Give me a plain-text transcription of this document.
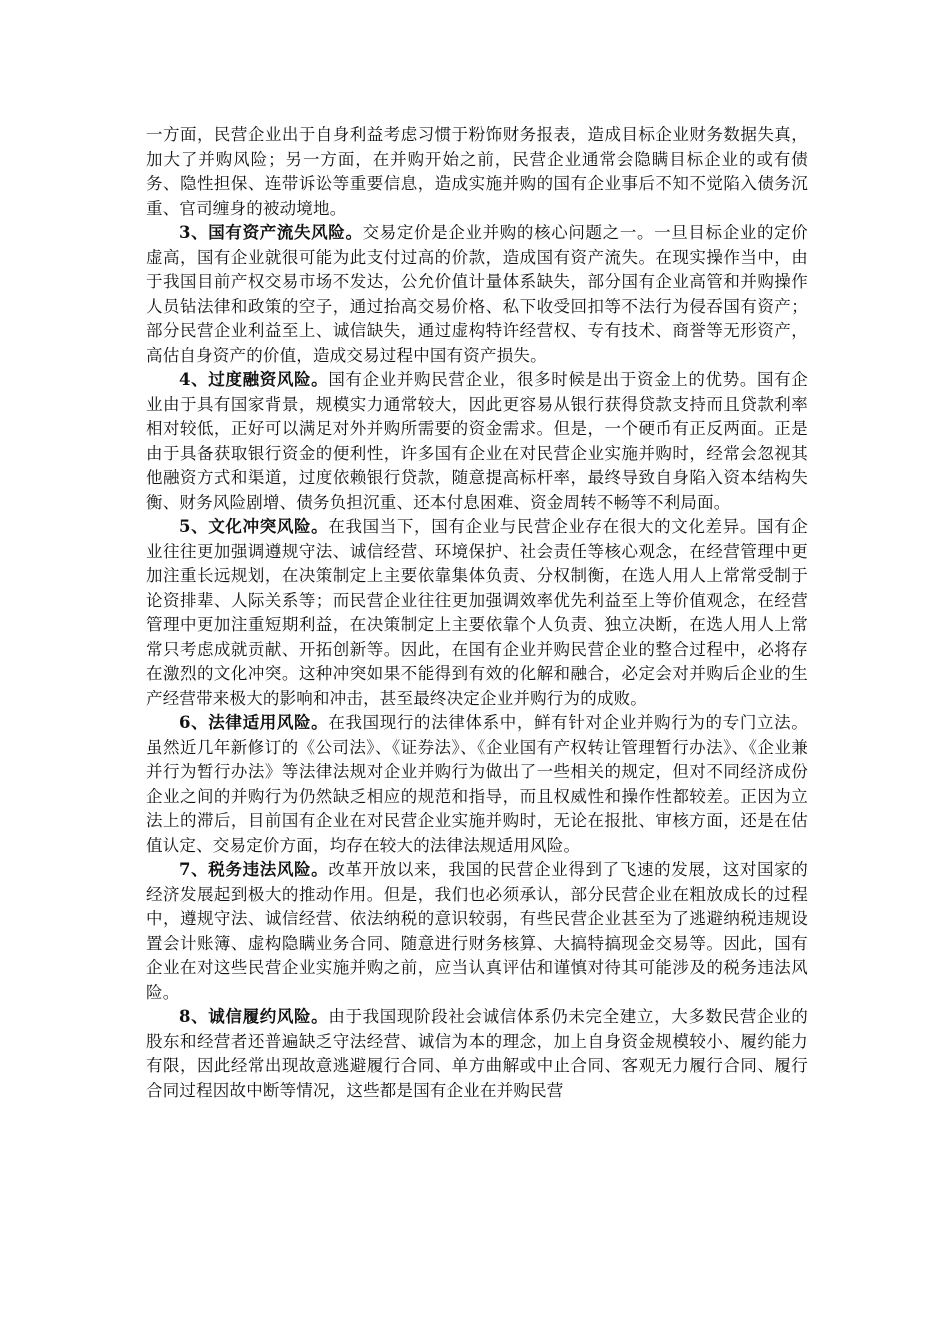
一方面，民营企业出于自身利益考虑习惯于粉饰财务报表，造成目标企业财务数据失真，加大了并购风险；另一方面，在并购开始之前，民营企业通常会隐瞒目标企业的或有债务、隐性担保、连带诉讼等重要信息，造成实施并购的国有企业事后不知不觉陷入债务沉重、官司缠身的被动境地。

3、国有资产流失风险。交易定价是企业并购的核心问题之一。一旦目标企业的定价虚高，国有企业就很可能为此支付过高的价款，造成国有资产流失。在现实操作当中，由于我国目前产权交易市场不发达，公允价值计量体系缺失，部分国有企业高管和并购操作人员钻法律和政策的空子，通过抬高交易价格、私下收受回扣等不法行为侵吞国有资产；部分民营企业利益至上、诚信缺失，通过虚构特许经营权、专有技术、商誉等无形资产，高估自身资产的价值，造成交易过程中国有资产损失。

4、过度融资风险。国有企业并购民营企业，很多时候是出于资金上的优势。国有企业由于具有国家背景，规模实力通常较大，因此更容易从银行获得贷款支持而且贷款利率相对较低，正好可以满足对外并购所需要的资金需求。但是，一个硬币有正反两面。正是由于具备获取银行资金的便利性，许多国有企业在对民营企业实施并购时，经常会忽视其他融资方式和渠道，过度依赖银行贷款，随意提高标杆率，最终导致自身陷入资本结构失衡、财务风险剧增、债务负担沉重、还本付息困难、资金周转不畅等不利局面。

5、文化冲突风险。在我国当下，国有企业与民营企业存在很大的文化差异。国有企业往往更加强调遵规守法、诚信经营、环境保护、社会责任等核心观念，在经营管理中更加注重长远规划，在决策制定上主要依靠集体负责、分权制衡，在选人用人上常常受制于论资排辈、人际关系等；而民营企业往往更加强调效率优先利益至上等价值观念，在经营管理中更加注重短期利益，在决策制定上主要依靠个人负责、独立决断，在选人用人上常常只考虑成就贡献、开拓创新等。因此，在国有企业并购民营企业的整合过程中，必将存在激烈的文化冲突。这种冲突如果不能得到有效的化解和融合，必定会对并购后企业的生产经营带来极大的影响和冲击，甚至最终决定企业并购行为的成败。

6、法律适用风险。在我国现行的法律体系中，鲜有针对企业并购行为的专门立法。虽然近几年新修订的《公司法》、《证券法》、《企业国有产权转让管理暂行办法》、《企业兼并行为暂行办法》等法律法规对企业并购行为做出了一些相关的规定，但对不同经济成份企业之间的并购行为仍然缺乏相应的规范和指导，而且权威性和操作性都较差。正因为立法上的滞后，目前国有企业在对民营企业实施并购时，无论在报批、审核方面，还是在估值认定、交易定价方面，均存在较大的法律法规适用风险。

7、税务违法风险。改革开放以来，我国的民营企业得到了飞速的发展，这对国家的经济发展起到极大的推动作用。但是，我们也必须承认，部分民营企业在粗放成长的过程中，遵规守法、诚信经营、依法纳税的意识较弱，有些民营企业甚至为了逃避纳税违规设置会计账簿、虚构隐瞒业务合同、随意进行财务核算、大搞特搞现金交易等。因此，国有企业在对这些民营企业实施并购之前，应当认真评估和谨慎对待其可能涉及的税务违法风险。

8、诚信履约风险。由于我国现阶段社会诚信体系仍未完全建立，大多数民营企业的股东和经营者还普遍缺乏守法经营、诚信为本的理念，加上自身资金规模较小、履约能力有限，因此经常出现故意逃避履行合同、单方曲解或中止合同、客观无力履行合同、履行合同过程因故中断等情况，这些都是国有企业在并购民营
